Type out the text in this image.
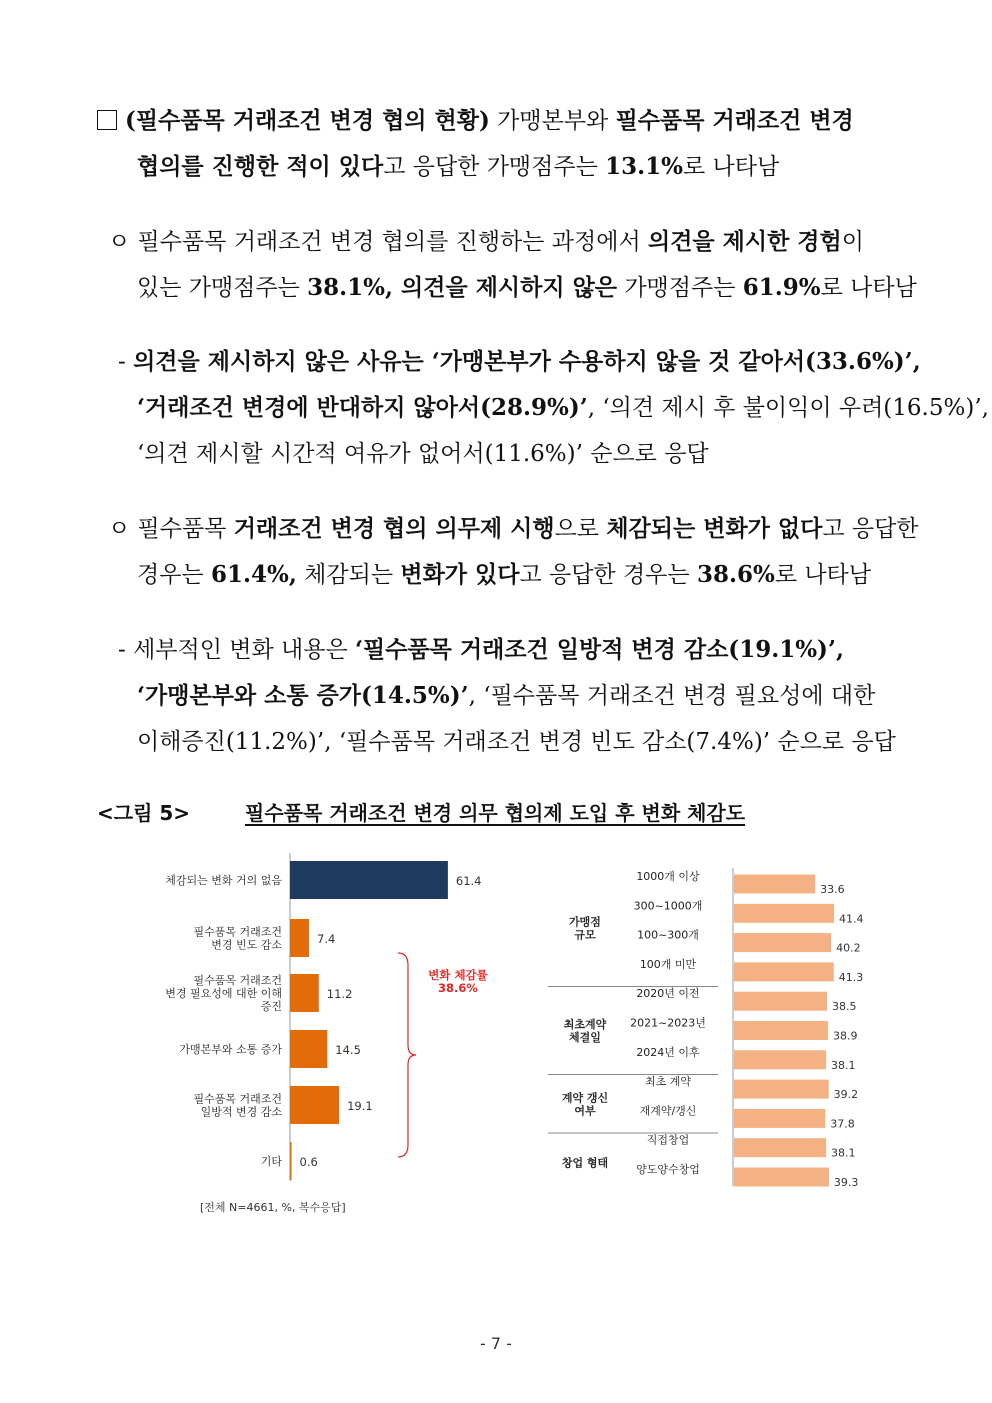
(필수품목 거래조건 변경 협의 현황) 가맹본부와 필수품목 거래조건 변경
협의를 진행한 적이 있다고 응답한 가맹점주는 13.1%로 나타남
ㅇ 필수품목 거래조건 변경 협의를 진행하는 과정에서 의견을 제시한 경험이
있는 가맹점주는 38.1%, 의견을 제시하지 않은 가맹점주는 61.9%로 나타남
- 의견을 제시하지 않은 사유는 ‘가맹본부가 수용하지 않을 것 같아서(33.6%)’,
‘거래조건 변경에 반대하지 않아서(28.9%)’, ‘의견 제시 후 불이익이 우려(16.5%)’,
‘의견 제시할 시간적 여유가 없어서(11.6%)’ 순으로 응답
ㅇ 필수품목 거래조건 변경 협의 의무제 시행으로 체감되는 변화가 없다고 응답한
경우는 61.4%, 체감되는 변화가 있다고 응답한 경우는 38.6%로 나타남
- 세부적인 변화 내용은 ‘필수품목 거래조건 일방적 변경 감소(19.1%)’,
‘가맹본부와 소통 증가(14.5%)’, ‘필수품목 거래조건 변경 필요성에 대한
이해증진(11.2%)’, ‘필수품목 거래조건 변경 빈도 감소(7.4%)’ 순으로 응답
<그림 5>	필수품목 거래조건 변경 의무 협의제 도입 후 변화 체감도
61.4
체감되는 변화 거의 없음
7.4
필수품목 거래조건
변경 빈도 감소
11.2
필수품목 거래조건
변경 필요성에 대한 이해
증진
14.5
가맹본부와 소통 증가
19.1
필수품목 거래조건
일방적 변경 감소
0.6
기타
변화 체감률
38.6%
[전체 N=4661, %, 복수응답]
33.6
1000개 이상
41.4
300~1000개
40.2
100~300개
41.3
100개 미만
가맹점
규모
38.5
2020년 이전
38.9
2021~2023년
38.1
2024년 이후
최초계약
체결일
39.2
최초 계약
37.8
재계약/갱신
계약 갱신
여부
38.1
직접창업
39.3
양도양수창업
창업 형태
- 7 -
